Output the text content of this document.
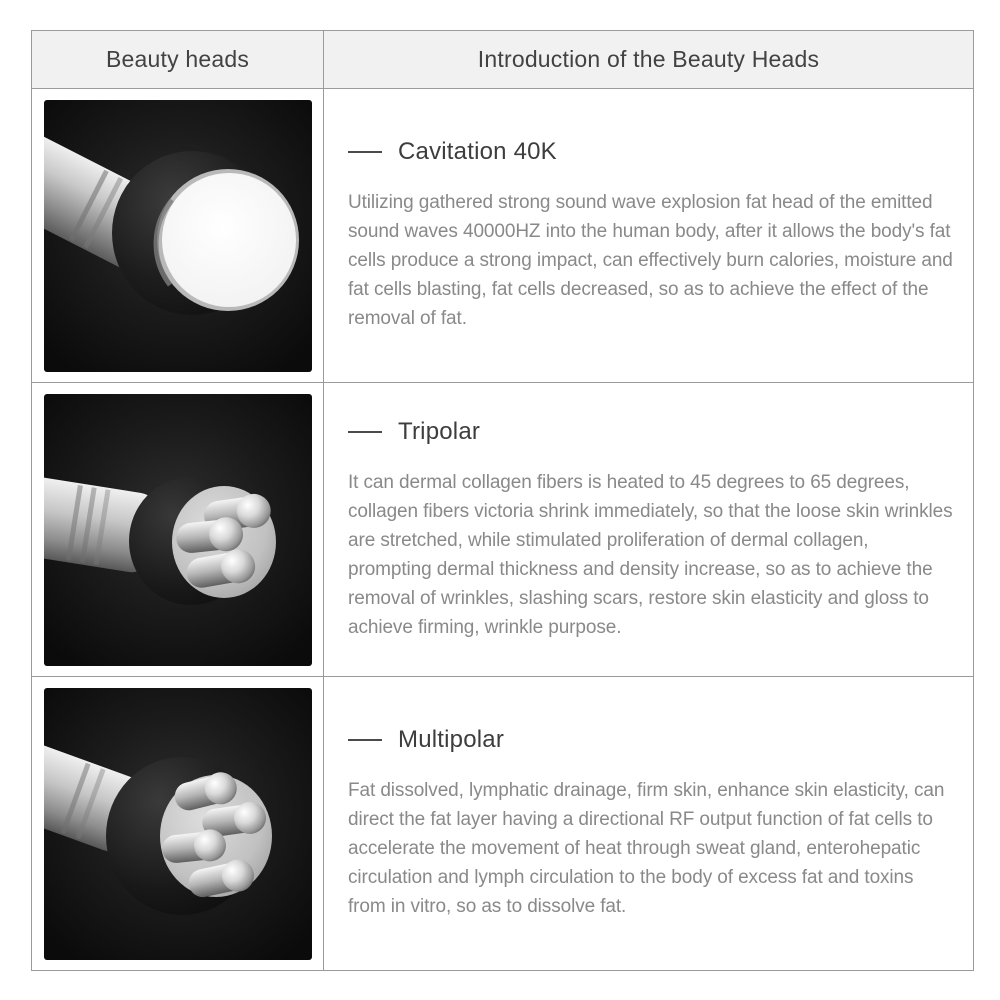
Beauty heads	Introduction of the Beauty Heads

Cavitation 40K

Utilizing gathered strong sound wave explosion fat head of the emitted sound waves 40000HZ into the human body, after it allows the body's fat cells produce a strong impact, can effectively burn calories, moisture and fat cells blasting, fat cells decreased, so as to achieve the effect of the removal of fat.

Tripolar

It can dermal collagen fibers is heated to 45 degrees to 65 degrees, collagen fibers victoria shrink immediately, so that the loose skin wrinkles are stretched, while stimulated proliferation of dermal collagen, prompting dermal thickness and density increase, so as to achieve the removal of wrinkles, slashing scars, restore skin elasticity and gloss to achieve firming, wrinkle purpose.

Multipolar

Fat dissolved, lymphatic drainage, firm skin, enhance skin elasticity, can direct the fat layer having a directional RF output function of fat cells to accelerate the movement of heat through sweat gland, enterohepatic circulation and lymph circulation to the body of excess fat and toxins from in vitro, so as to dissolve fat.
